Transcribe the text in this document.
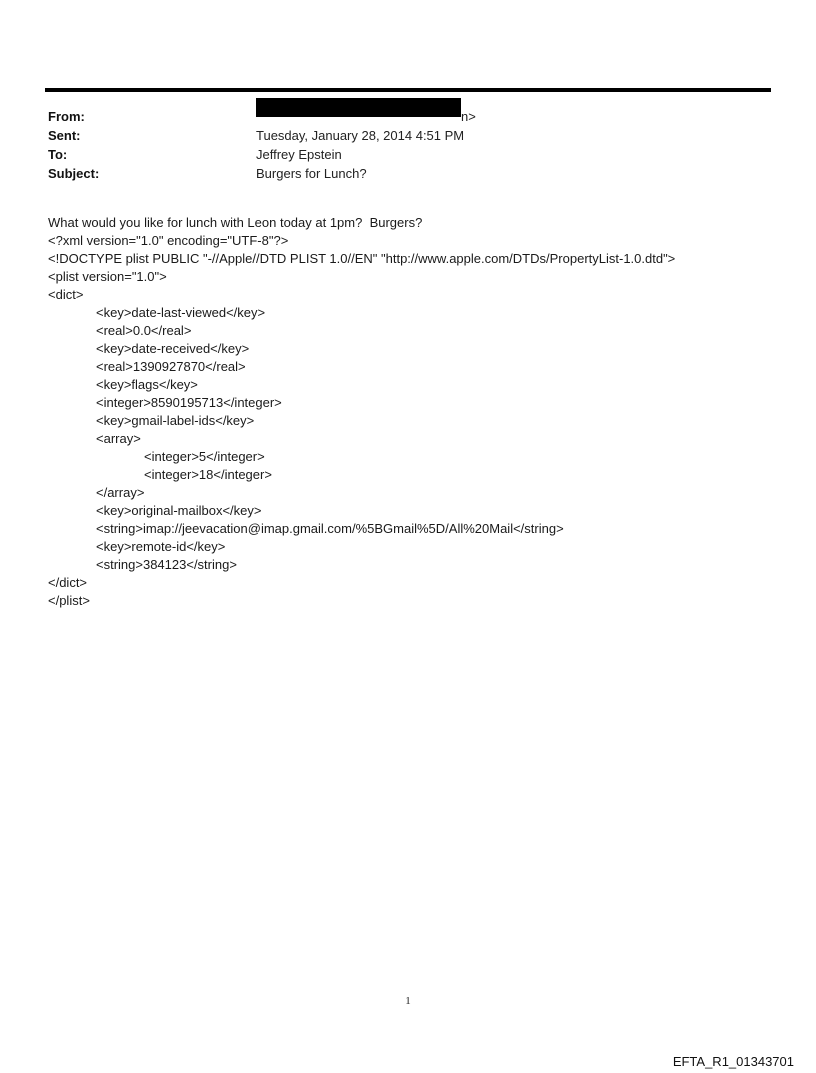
From:	n>
Sent:	Tuesday, January 28, 2014 4:51 PM
To:	Jeffrey Epstein
Subject:	Burgers for Lunch?
What would you like for lunch with Leon today at 1pm?  Burgers?
<?xml version="1.0" encoding="UTF-8"?>
<!DOCTYPE plist PUBLIC "-//Apple//DTD PLIST 1.0//EN" "http://www.apple.com/DTDs/PropertyList-1.0.dtd">
<plist version="1.0">
<dict>
<key>date-last-viewed</key>
<real>0.0</real>
<key>date-received</key>
<real>1390927870</real>
<key>flags</key>
<integer>8590195713</integer>
<key>gmail-label-ids</key>
<array>
<integer>5</integer>
<integer>18</integer>
</array>
<key>original-mailbox</key>
<string>imap://jeevacation@imap.gmail.com/%5BGmail%5D/All%20Mail</string>
<key>remote-id</key>
<string>384123</string>
</dict>
</plist>
1
EFTA_R1_01343701
